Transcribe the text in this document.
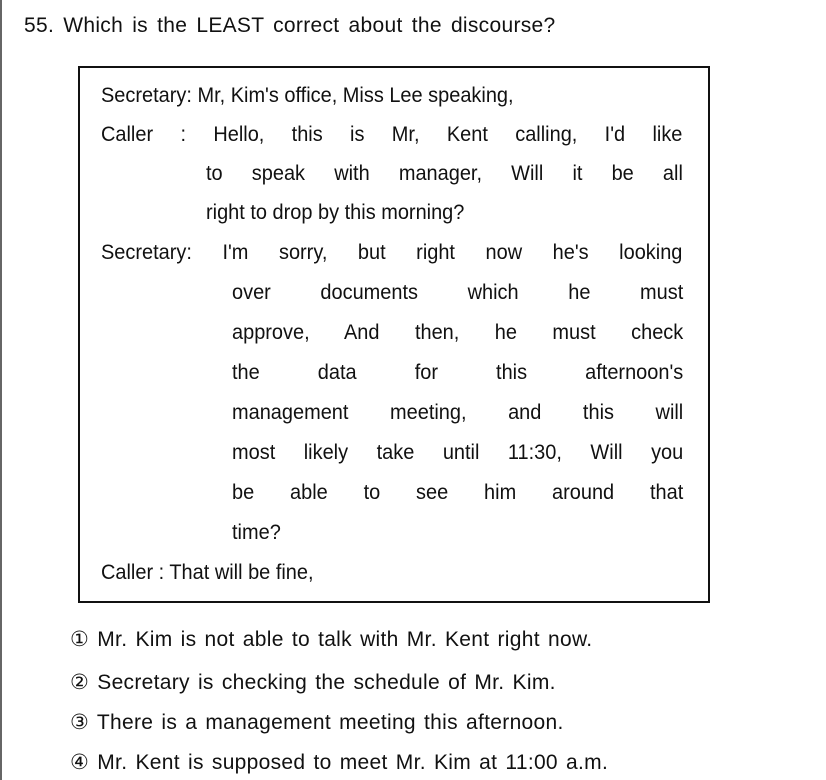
55. Which is the LEAST correct about the discourse?
Secretary: Mr, Kim's office, Miss Lee speaking,
Caller : Hello, this is Mr, Kent calling, I'd like
to speak with manager, Will it be all
right to drop by this morning?
Secretary: I'm sorry, but right now he's looking
over documents which he must
approve, And then, he must check
the data for this afternoon's
management meeting, and this will
most likely take until 11:30, Will you
be able to see him around that
time?
Caller : That will be fine,
① Mr. Kim is not able to talk with Mr. Kent right now.
② Secretary is checking the schedule of Mr. Kim.
③ There is a management meeting this afternoon.
④ Mr. Kent is supposed to meet Mr. Kim at 11:00 a.m.
